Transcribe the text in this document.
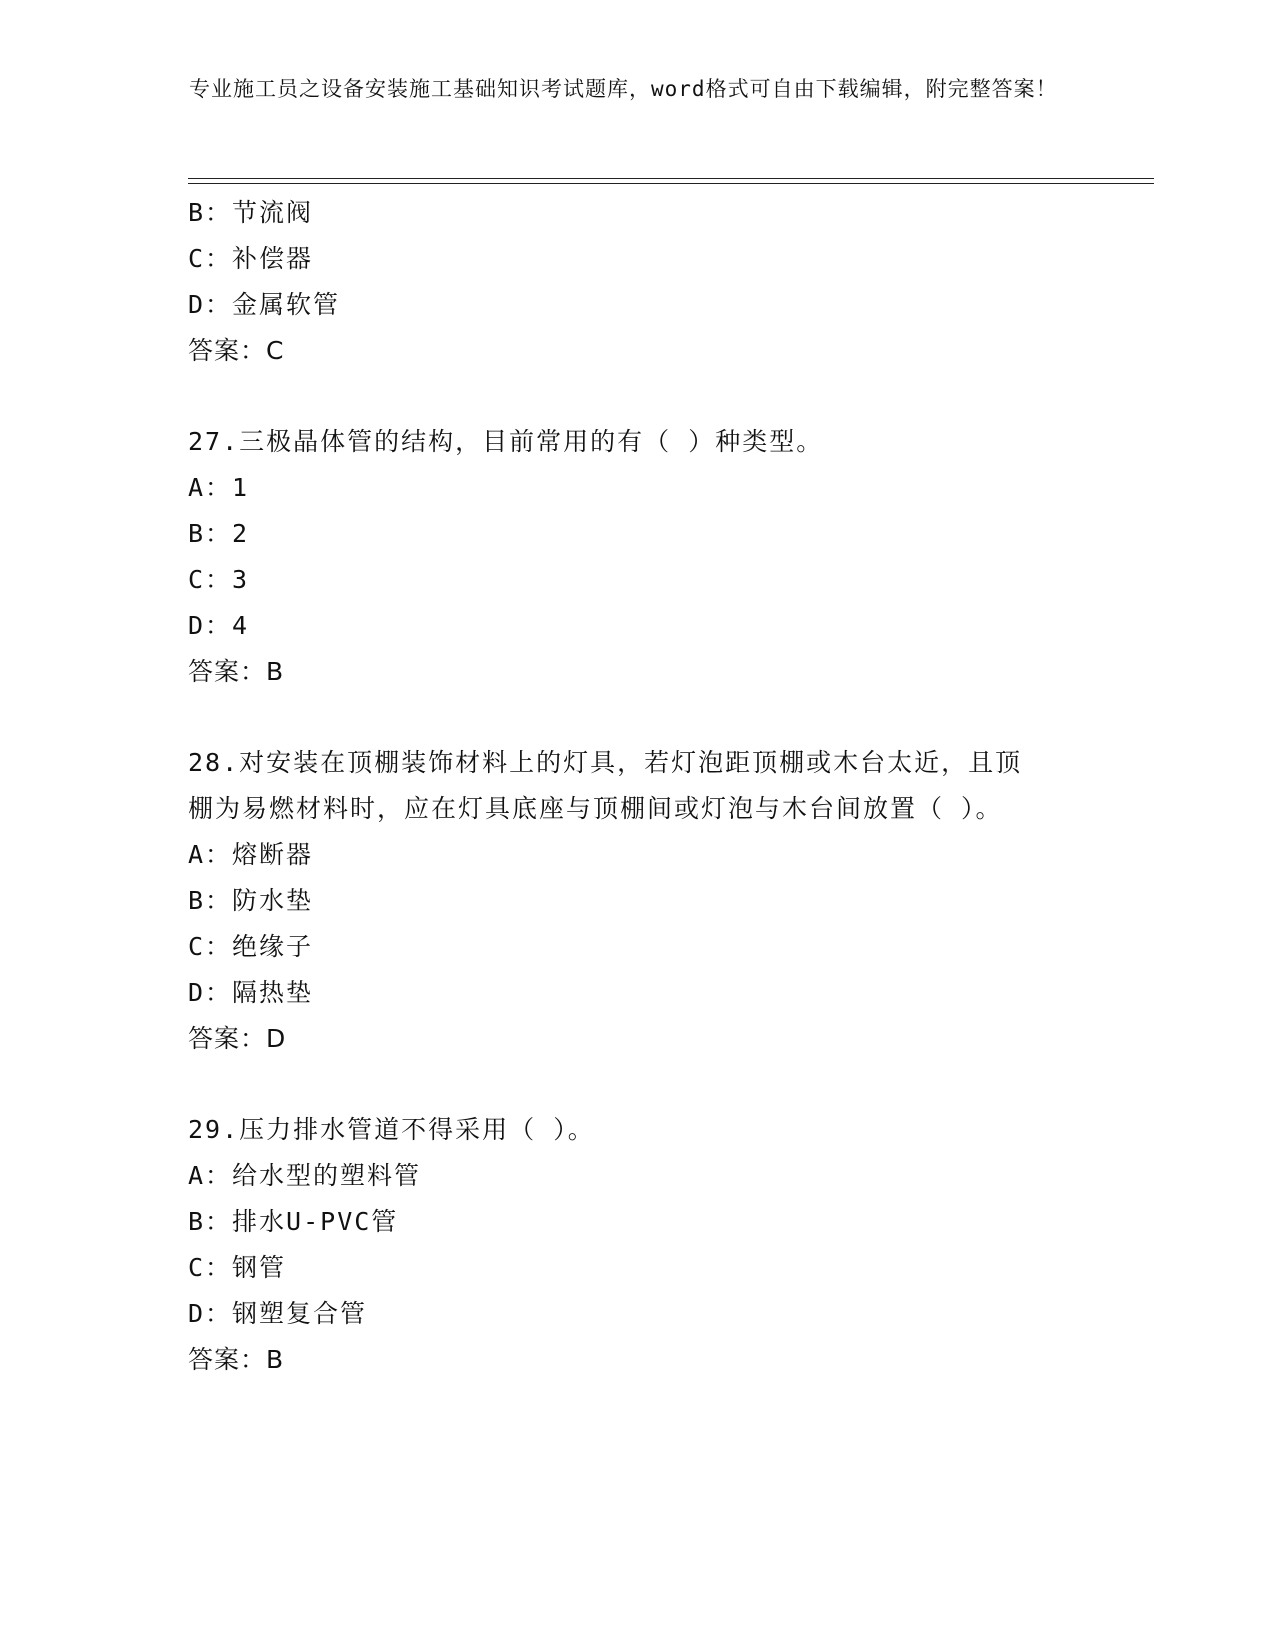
专业施工员之设备安装施工基础知识考试题库，word格式可自由下载编辑，附完整答案！
B：节流阀
C：补偿器
D：金属软管
答案：C
27.三极晶体管的结构，目前常用的有（ ）种类型。
A：1
B：2
C：3
D：4
答案：B
28.对安装在顶棚装饰材料上的灯具，若灯泡距顶棚或木台太近，且顶
棚为易燃材料时，应在灯具底座与顶棚间或灯泡与木台间放置（ ）。
A：熔断器
B：防水垫
C：绝缘子
D：隔热垫
答案：D
29.压力排水管道不得采用（ ）。
A：给水型的塑料管
B：排水U-PVC管
C：钢管
D：钢塑复合管
答案：B
